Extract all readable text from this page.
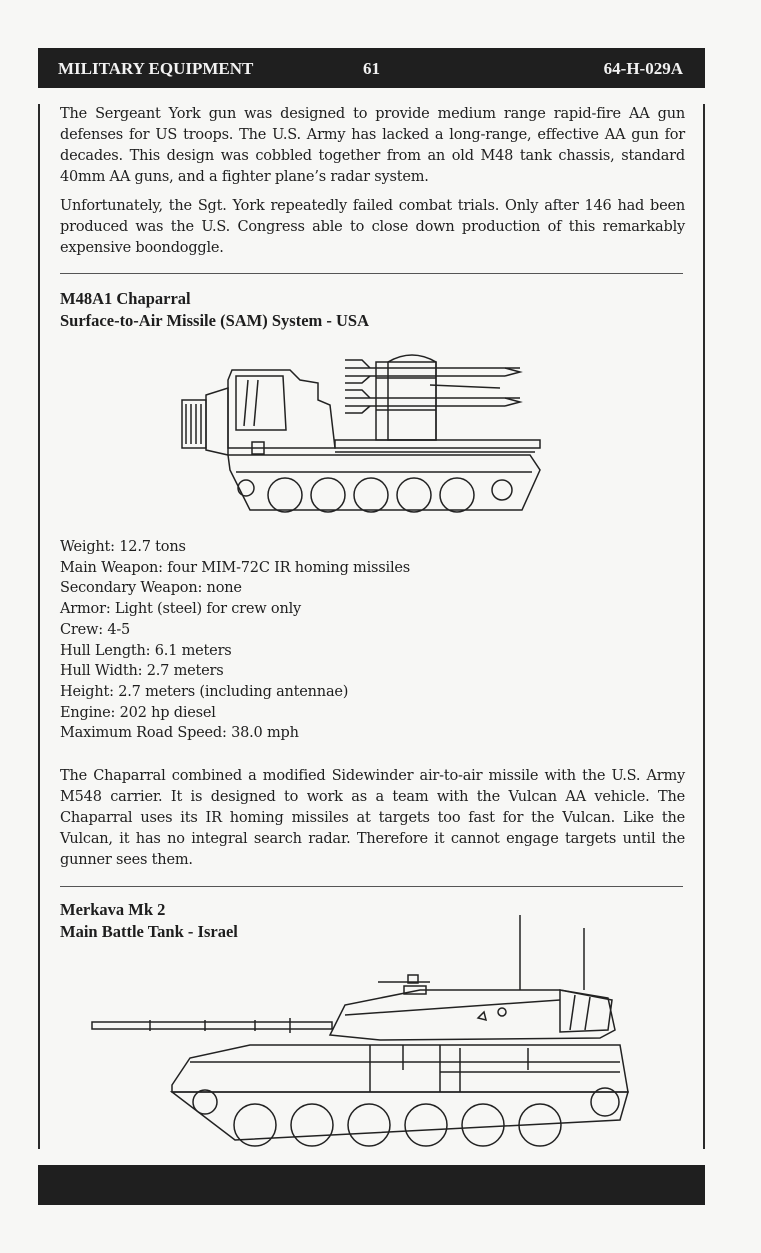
MILITARY EQUIPMENT	61	64-H-029A

The Sergeant York gun was designed to provide medium range rapid-fire AA gun defenses for US troops. The U.S. Army has lacked a long-range, effective AA gun for decades. This design was cobbled together from an old M48 tank chassis, standard 40mm AA guns, and a fighter plane’s radar system.

Unfortunately, the Sgt. York repeatedly failed combat trials. Only after 146 had been produced was the U.S. Congress able to close down production of this remarkably expensive boondoggle.

M48A1 Chaparral

Surface-to-Air Missile (SAM) System - USA

Weight: 12.7 tons
Main Weapon: four MIM-72C IR homing missiles
Secondary Weapon: none
Armor: Light (steel) for crew only
Crew: 4-5
Hull Length: 6.1 meters
Hull Width: 2.7 meters
Height: 2.7 meters (including antennae)
Engine: 202 hp diesel
Maximum Road Speed: 38.0 mph

The Chaparral combined a modified Sidewinder air-to-air missile with the U.S. Army M548 carrier. It is designed to work as a team with the Vulcan AA vehicle. The Chaparral uses its IR homing missiles at targets too fast for the Vulcan. Like the Vulcan, it has no integral search radar. Therefore it cannot engage targets until the gunner sees them.

Merkava Mk 2

Main Battle Tank - Israel
